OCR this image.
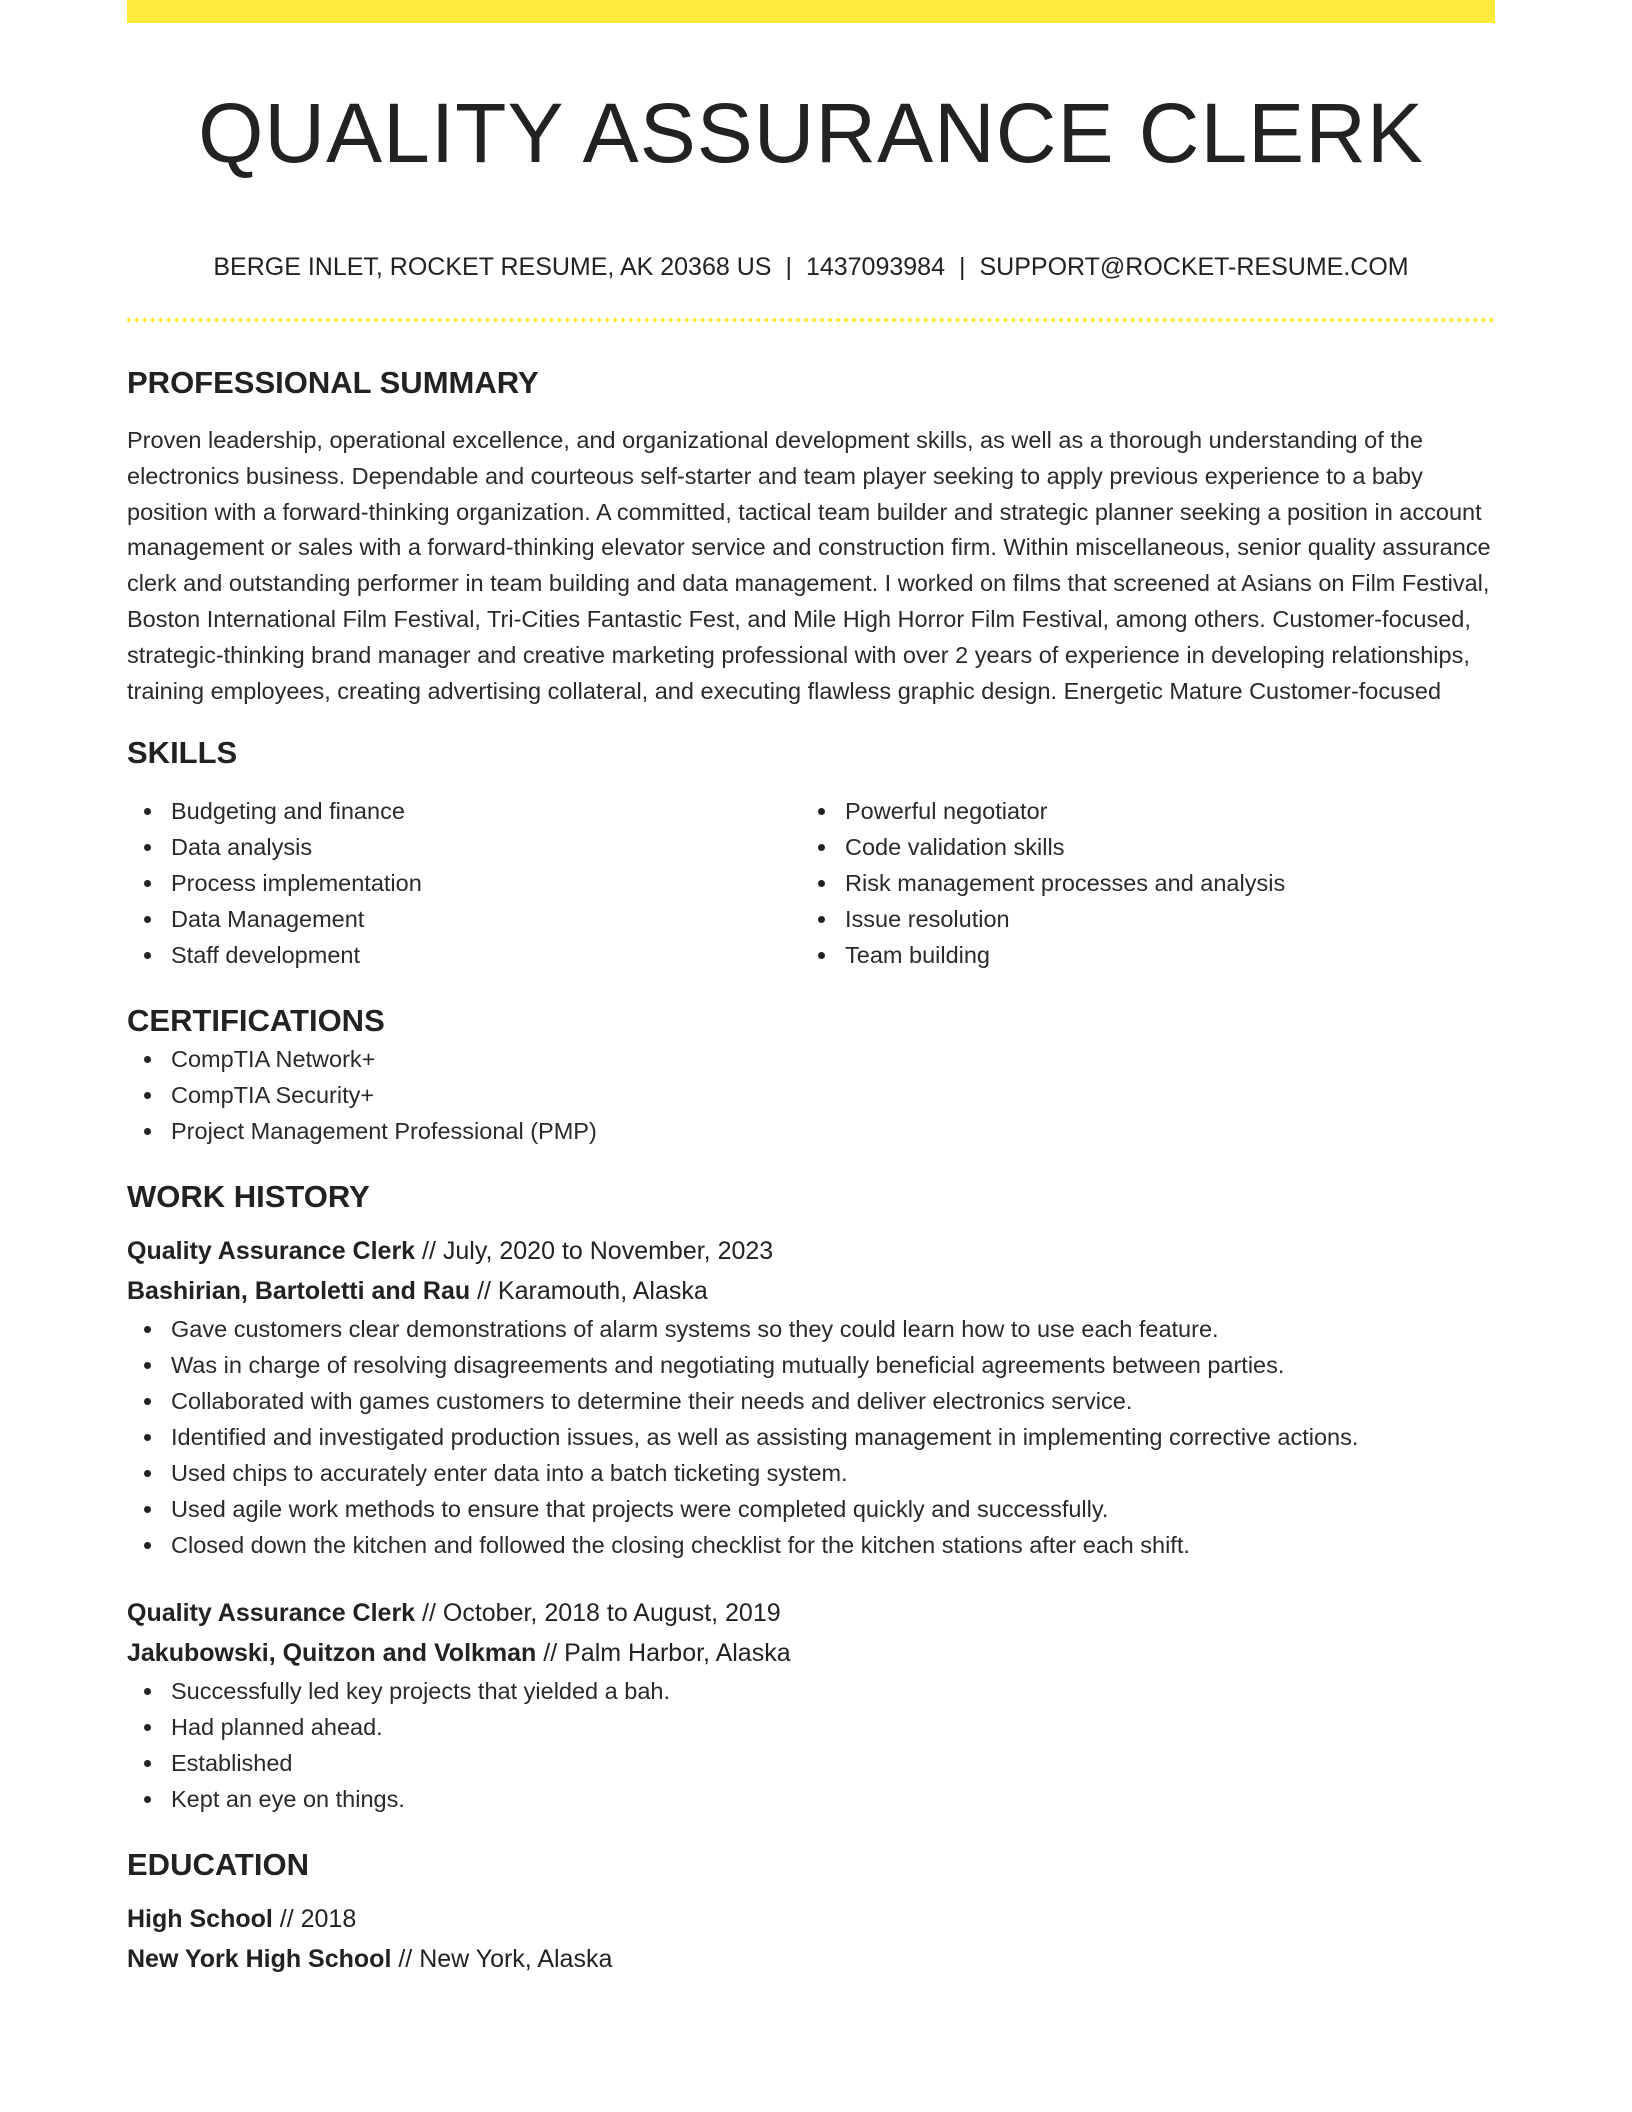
QUALITY ASSURANCE CLERK
BERGE INLET, ROCKET RESUME, AK 20368 US | 1437093984 | SUPPORT@ROCKET-RESUME.COM
PROFESSIONAL SUMMARY

Proven leadership, operational excellence, and organizational development skills, as well as a thorough understanding of the electronics business. Dependable and courteous self-starter and team player seeking to apply previous experience to a baby position with a forward-thinking organization. A committed, tactical team builder and strategic planner seeking a position in account management or sales with a forward-thinking elevator service and construction firm. Within miscellaneous, senior quality assurance clerk and outstanding performer in team building and data management. I worked on films that screened at Asians on Film Festival, Boston International Film Festival, Tri-Cities Fantastic Fest, and Mile High Horror Film Festival, among others. Customer-focused, strategic-thinking brand manager and creative marketing professional with over 2 years of experience in developing relationships, training employees, creating advertising collateral, and executing flawless graphic design. Energetic Mature Customer-focused

SKILLS
Budgeting and finance
Data analysis
Process implementation
Data Management
Staff development
Powerful negotiator
Code validation skills
Risk management processes and analysis
Issue resolution
Team building
CERTIFICATIONS
CompTIA Network+
CompTIA Security+
Project Management Professional (PMP)
WORK HISTORY
Quality Assurance Clerk // July, 2020 to November, 2023
Bashirian, Bartoletti and Rau // Karamouth, Alaska
Gave customers clear demonstrations of alarm systems so they could learn how to use each feature.
Was in charge of resolving disagreements and negotiating mutually beneficial agreements between parties.
Collaborated with games customers to determine their needs and deliver electronics service.
Identified and investigated production issues, as well as assisting management in implementing corrective actions.
Used chips to accurately enter data into a batch ticketing system.
Used agile work methods to ensure that projects were completed quickly and successfully.
Closed down the kitchen and followed the closing checklist for the kitchen stations after each shift.
Quality Assurance Clerk // October, 2018 to August, 2019
Jakubowski, Quitzon and Volkman // Palm Harbor, Alaska
Successfully led key projects that yielded a bah.
Had planned ahead.
Established
Kept an eye on things.
EDUCATION
High School // 2018
New York High School // New York, Alaska
